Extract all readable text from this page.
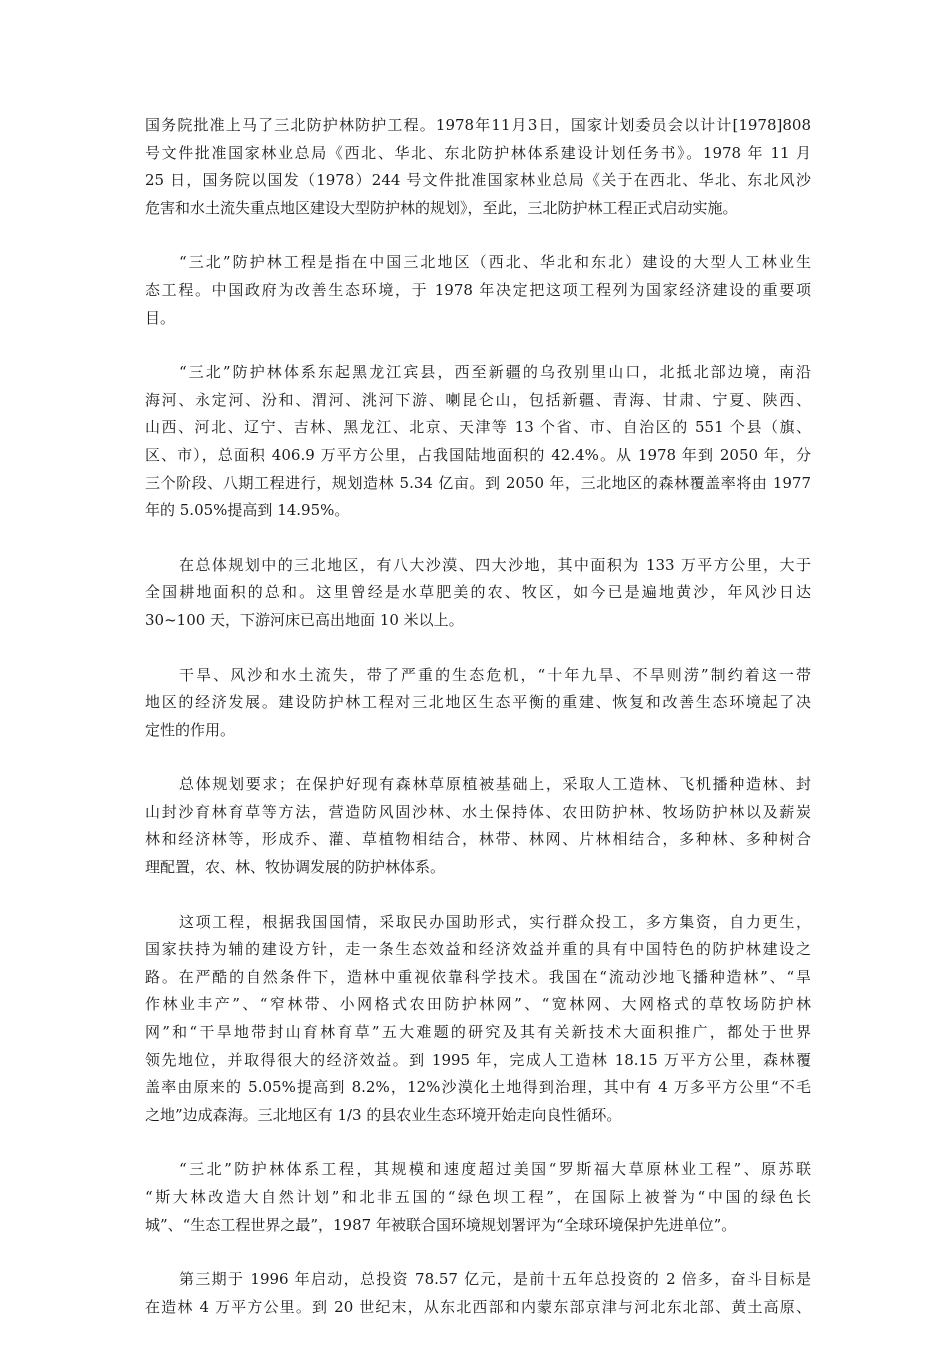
国务院批准上马了三北防护林防护工程。1978年11月3日，国家计划委员会以计计[1978]808
号文件批准国家林业总局《西北、华北、东北防护林体系建设计划任务书》。1978 年 11 月
25 日，国务院以国发（1978）244 号文件批准国家林业总局《关于在西北、华北、东北风沙
危害和水土流失重点地区建设大型防护林的规划》，至此，三北防护林工程正式启动实施。
“三北”防护林工程是指在中国三北地区（西北、华北和东北）建设的大型人工林业生
态工程。中国政府为改善生态环境，于 1978 年决定把这项工程列为国家经济建设的重要项
目。
“三北”防护林体系东起黑龙江宾县，西至新疆的乌孜别里山口，北抵北部边境，南沿
海河、永定河、汾和、渭河、洮河下游、喇昆仑山，包括新疆、青海、甘肃、宁夏、陕西、
山西、河北、辽宁、吉林、黑龙江、北京、天津等 13 个省、市、自治区的 551 个县（旗、
区、市），总面积 406.9 万平方公里，占我国陆地面积的 42.4%。从 1978 年到 2050 年，分
三个阶段、八期工程进行，规划造林 5.34 亿亩。到 2050 年，三北地区的森林覆盖率将由 1977
年的 5.05%提高到 14.95%。
在总体规划中的三北地区，有八大沙漠、四大沙地，其中面积为 133 万平方公里，大于
全国耕地面积的总和。这里曾经是水草肥美的农、牧区，如今已是遍地黄沙，年风沙日达
30~100 天，下游河床已高出地面 10 米以上。
干旱、风沙和水土流失，带了严重的生态危机，“十年九旱、不旱则涝”制约着这一带
地区的经济发展。建设防护林工程对三北地区生态平衡的重建、恢复和改善生态环境起了决
定性的作用。
总体规划要求；在保护好现有森林草原植被基础上，采取人工造林、飞机播种造林、封
山封沙育林育草等方法，营造防风固沙林、水土保持体、农田防护林、牧场防护林以及薪炭
林和经济林等，形成乔、灌、草植物相结合，林带、林网、片林相结合，多种林、多种树合
理配置，农、林、牧协调发展的防护林体系。
这项工程，根据我国国情，采取民办国助形式，实行群众投工，多方集资，自力更生，
国家扶持为辅的建设方针，走一条生态效益和经济效益并重的具有中国特色的防护林建设之
路。在严酷的自然条件下，造林中重视依靠科学技术。我国在“流动沙地飞播种造林”、“旱
作林业丰产”、“窄林带、小网格式农田防护林网”、“宽林网、大网格式的草牧场防护林
网”和“干旱地带封山育林育草”五大难题的研究及其有关新技术大面积推广，都处于世界
领先地位，并取得很大的经济效益。到 1995 年，完成人工造林 18.15 万平方公里，森林覆
盖率由原来的 5.05%提高到 8.2%，12%沙漠化土地得到治理，其中有 4 万多平方公里“不毛
之地”边成森海。三北地区有 1/3 的县农业生态环境开始走向良性循环。
“三北”防护林体系工程，其规模和速度超过美国“罗斯福大草原林业工程”、原苏联
“斯大林改造大自然计划”和北非五国的“绿色坝工程”，在国际上被誉为“中国的绿色长
城”、“生态工程世界之最”，1987 年被联合国环境规划署评为“全球环境保护先进单位”。
第三期于 1996 年启动，总投资 78.57 亿元，是前十五年总投资的 2 倍多，奋斗目标是
在造林 4 万平方公里。到 20 世纪末，从东北西部和内蒙东部京津与河北东北部、黄土高原、
